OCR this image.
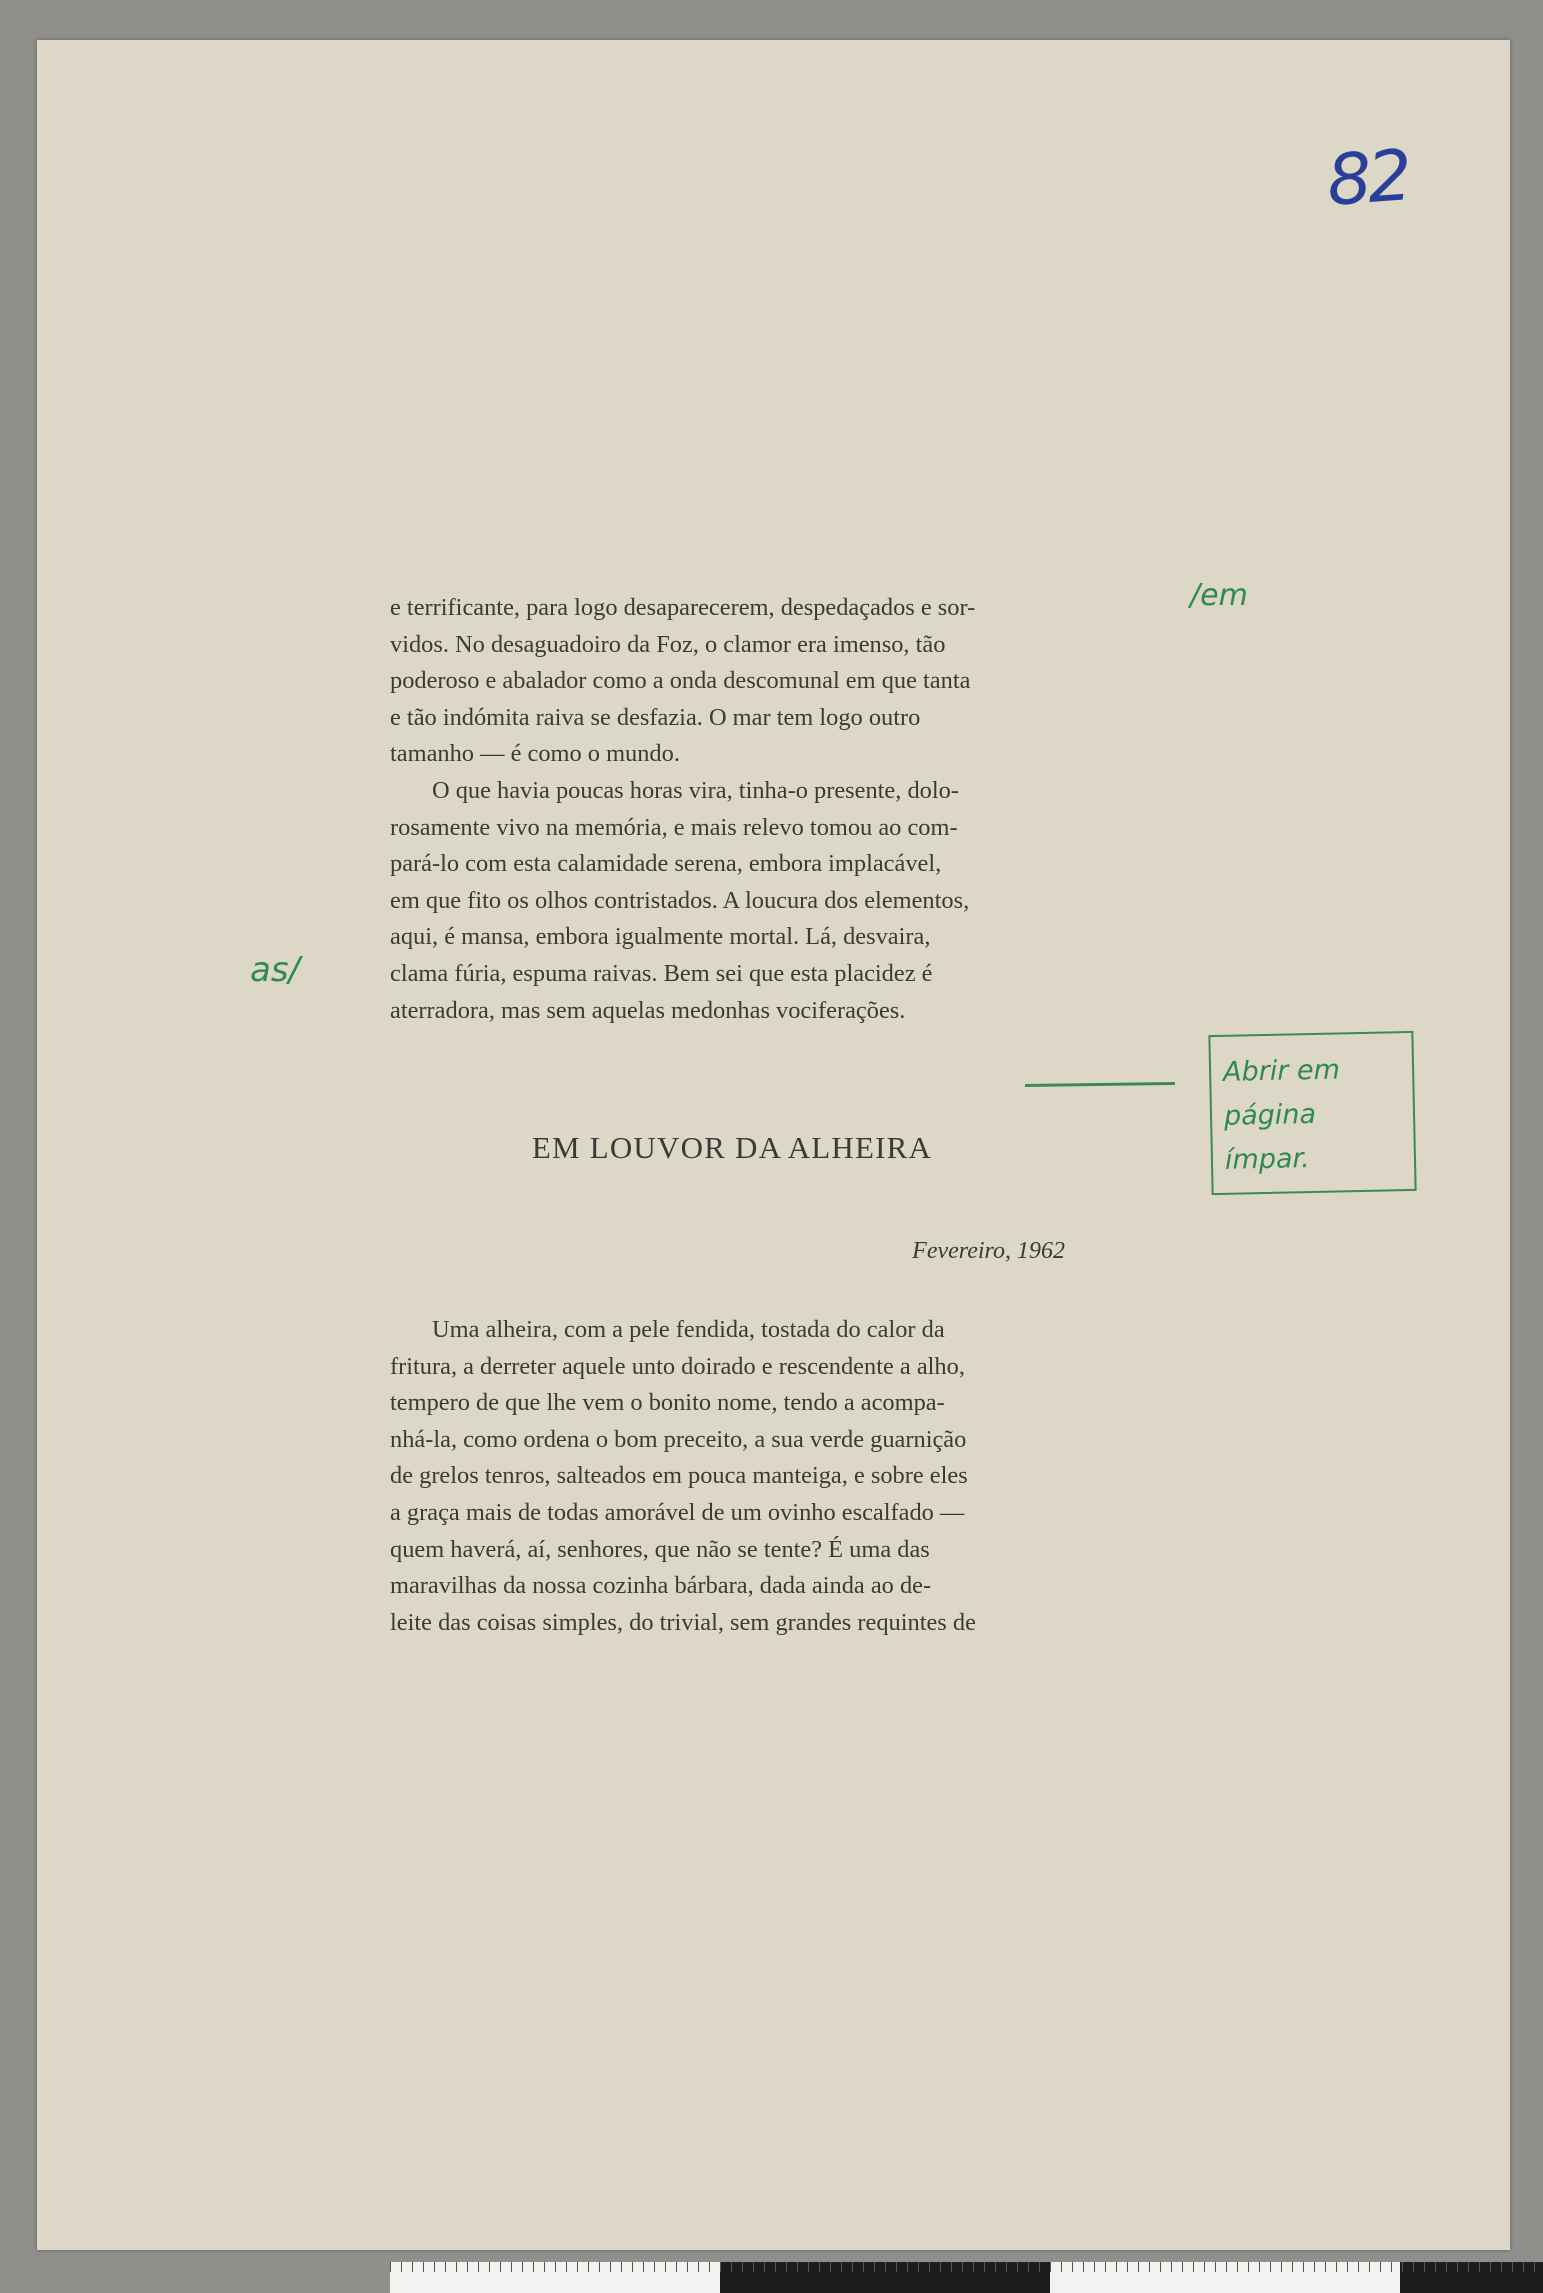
82
/em
as/

e terrificante, para logo desaparecerem, despedaçados e sor-
vidos. No desaguadoiro da Foz, o clamor era imenso, tão
poderoso e abalador como a onda descomunal em que tanta
e tão indómita raiva se desfazia. O mar tem logo outro
tamanho — é como o mundo.

O que havia poucas horas vira, tinha-o presente, dolo-
rosamente vivo na memória, e mais relevo tomou ao com-
pará-lo com esta calamidade serena, embora implacável,
em que fito os olhos contristados. A loucura dos elementos,
aqui, é mansa, embora igualmente mortal. Lá, desvaira,
clama fúria, espuma raivas. Bem sei que esta placidez é
aterradora, mas sem aquelas medonhas vociferações.

Abrir em
página
ímpar.
EM LOUVOR DA ALHEIRA
Fevereiro, 1962

Uma alheira, com a pele fendida, tostada do calor da
fritura, a derreter aquele unto doirado e rescendente a alho,
tempero de que lhe vem o bonito nome, tendo a acompa-
nhá-la, como ordena o bom preceito, a sua verde guarnição
de grelos tenros, salteados em pouca manteiga, e sobre eles
a graça mais de todas amorável de um ovinho escalfado —
quem haverá, aí, senhores, que não se tente? É uma das
maravilhas da nossa cozinha bárbara, dada ainda ao de-
leite das coisas simples, do trivial, sem grandes requintes de
